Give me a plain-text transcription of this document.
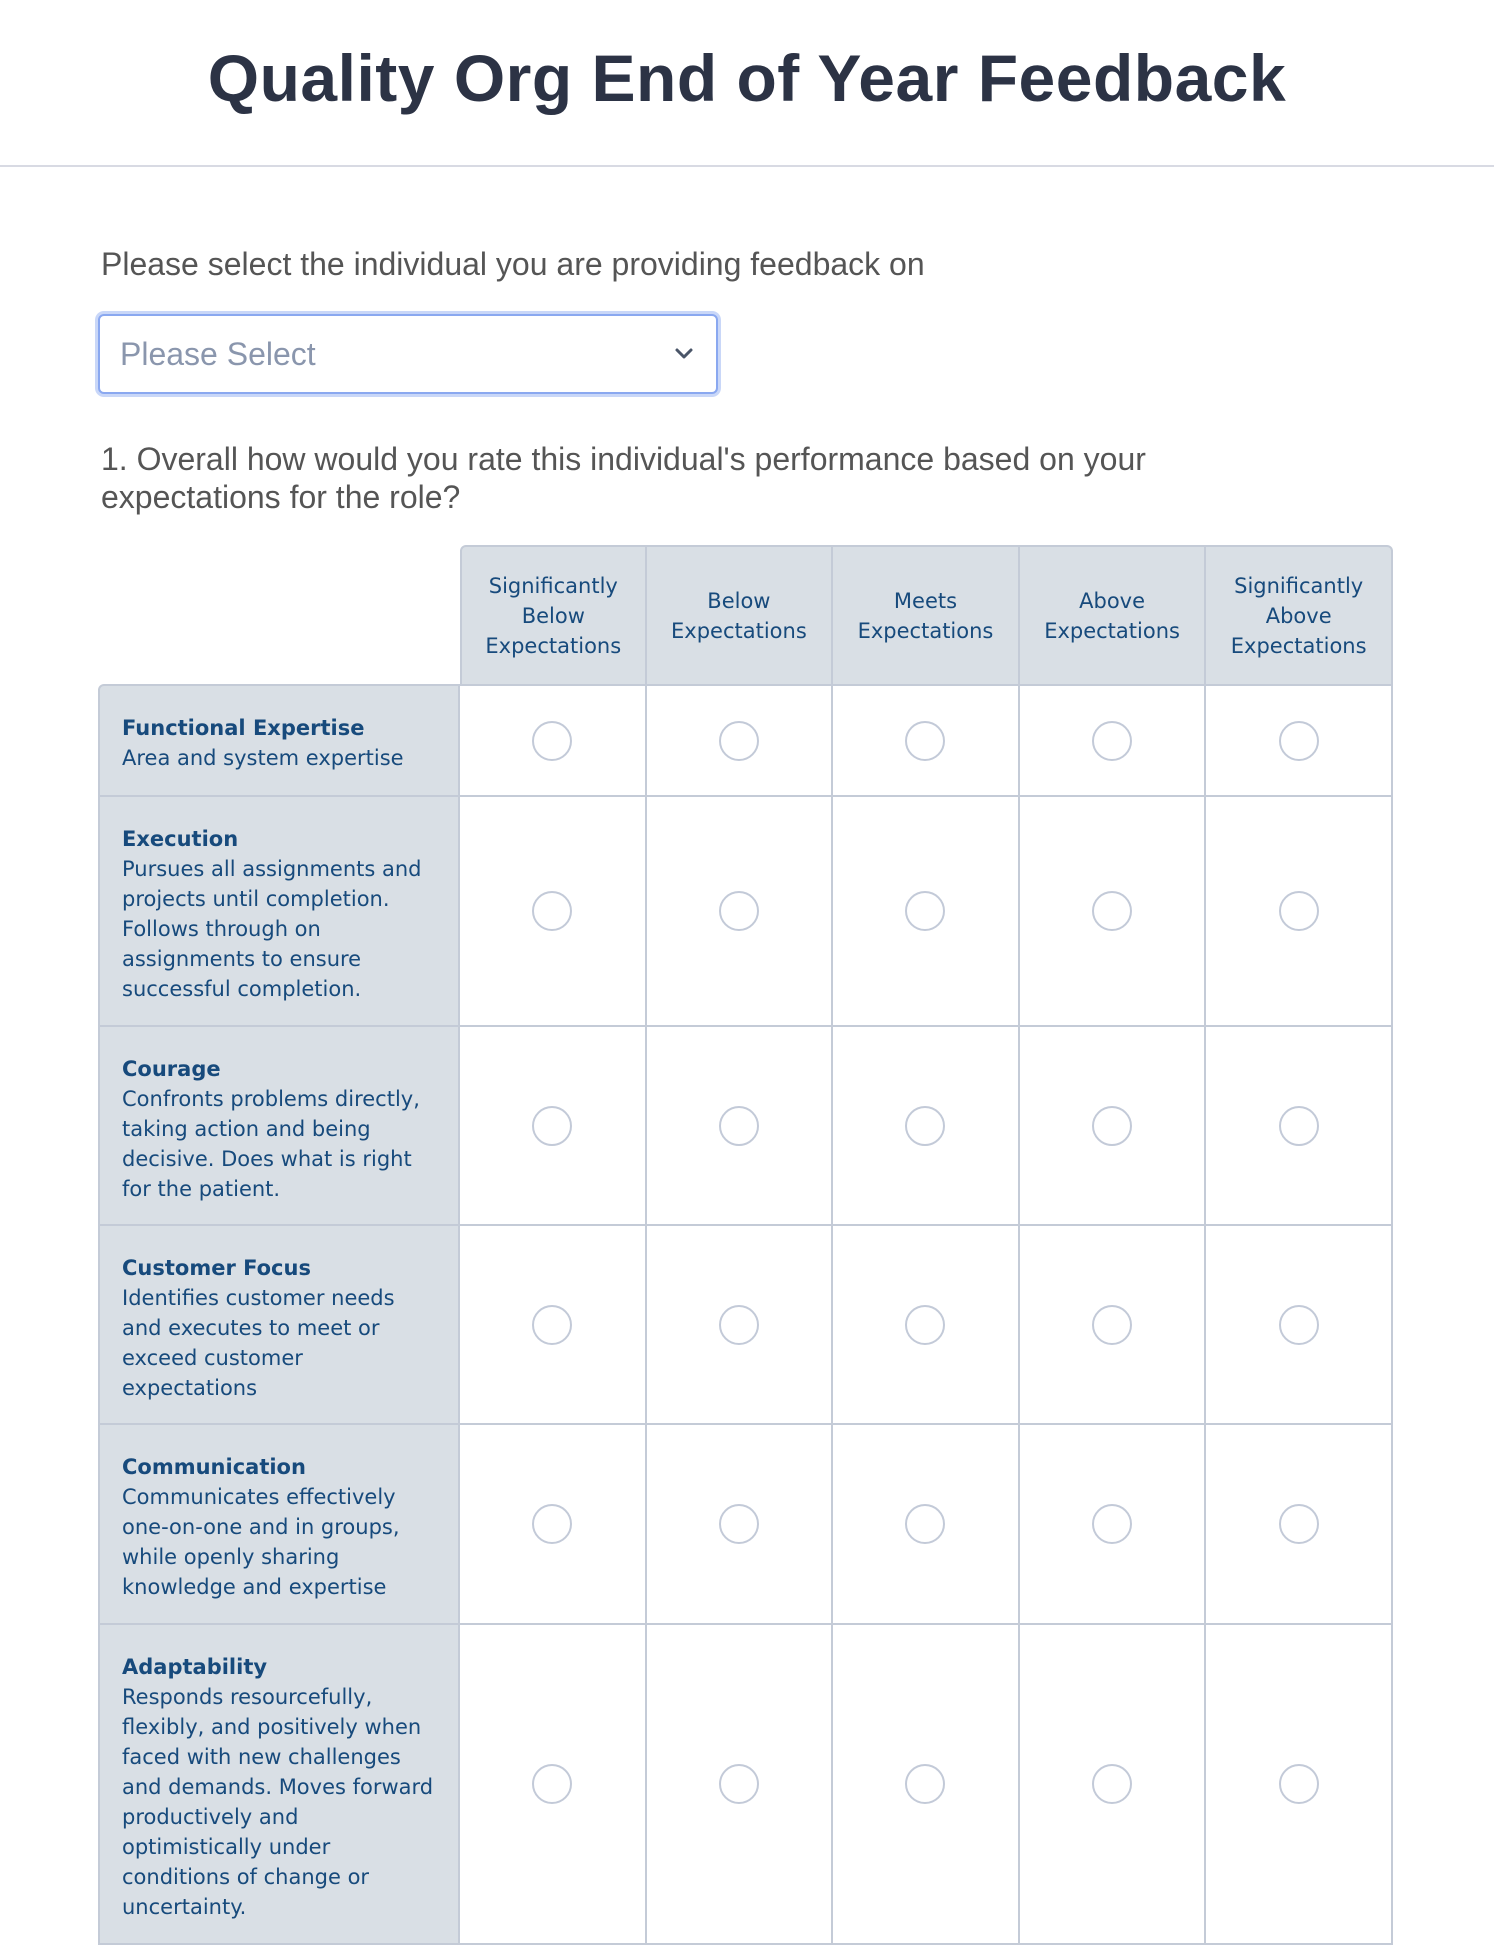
Quality Org End of Year Feedback
Please select the individual you are providing feedback on
Please Select
1. Overall how would you rate this individual's performance based on your expectations for the role?
Significantly Below Expectations
Below Expectations
Meets Expectations
Above Expectations
Significantly Above Expectations
Functional Expertise
Area and system expertise
Execution
Pursues all assignments and projects until completion. Follows through on assignments to ensure successful completion.
Courage
Confronts problems directly, taking action and being decisive. Does what is right for the patient.
Customer Focus
Identifies customer needs and executes to meet or exceed customer expectations
Communication
Communicates effectively one-on-one and in groups, while openly sharing knowledge and expertise
Adaptability
Responds resourcefully, flexibly, and positively when faced with new challenges and demands. Moves forward productively and optimistically under conditions of change or uncertainty.
